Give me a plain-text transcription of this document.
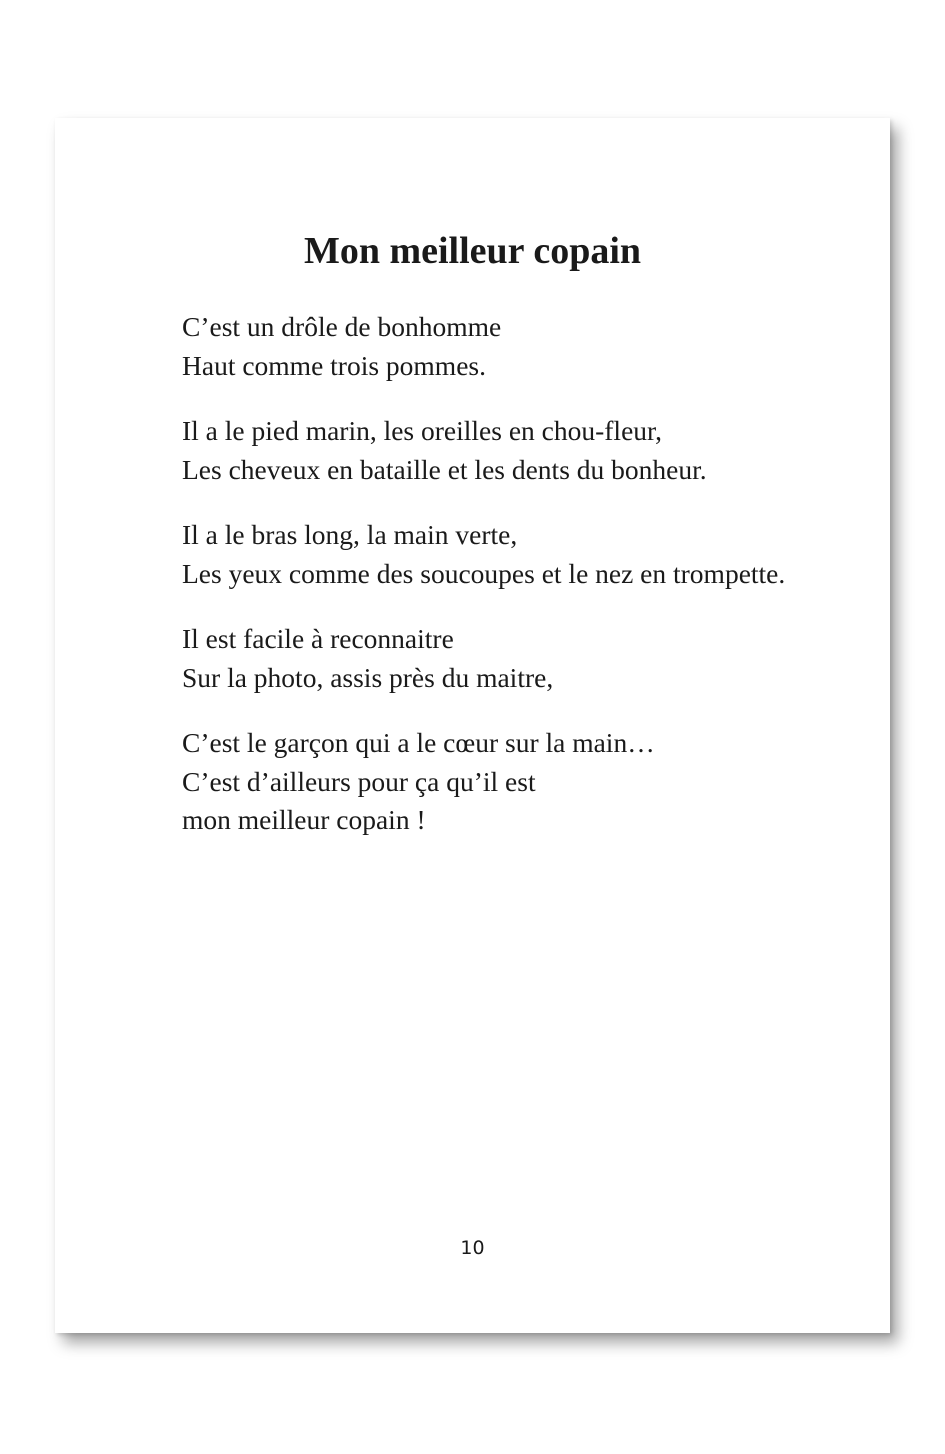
Mon meilleur copain

C’est un drôle de bonhomme
Haut comme trois pommes.

Il a le pied marin, les oreilles en chou-fleur,
Les cheveux en bataille et les dents du bonheur.

Il a le bras long, la main verte,
Les yeux comme des soucoupes et le nez en trompette.

Il est facile à reconnaitre
Sur la photo, assis près du maitre,

C’est le garçon qui a le cœur sur la main…
C’est d’ailleurs pour ça qu’il est
mon meilleur copain !

10
